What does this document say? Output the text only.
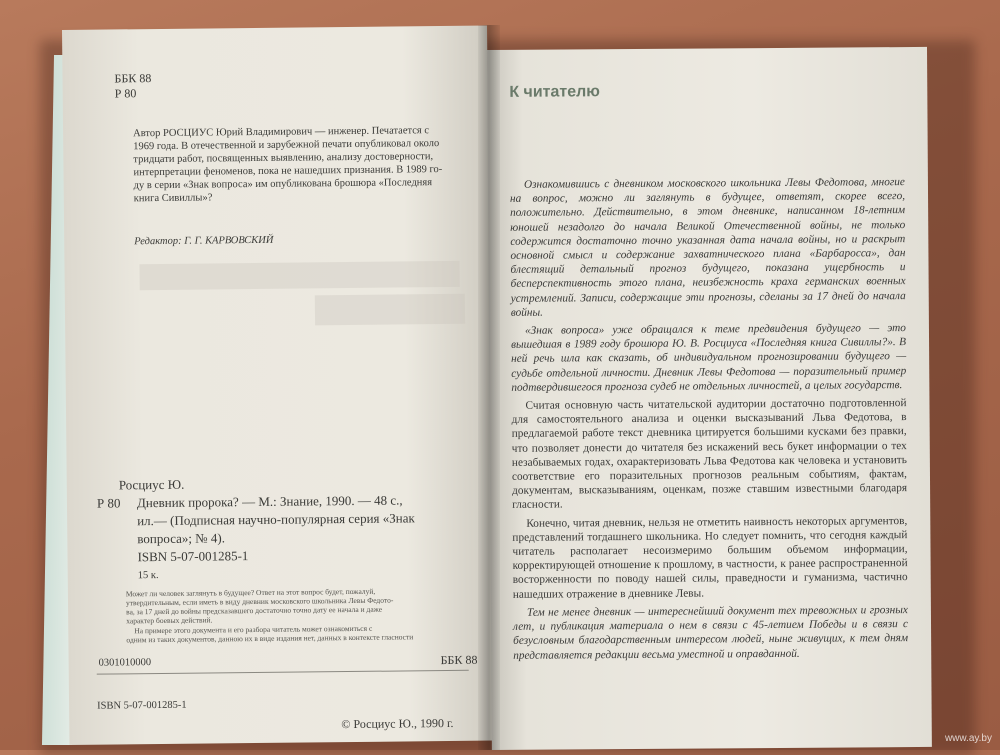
ББК 88
Р 80
Автор РОСЦИУС Юрий Владимирович — инженер. Печатается с
1969 года. В отечественной и зарубежной печати опубликовал около
тридцати работ, посвященных выявлению, анализу достоверности,
интерпретации феноменов, пока не нашедших признания. В 1989 го-
ду в серии «Знак вопроса» им опубликована брошюра «Последняя
книга Сивиллы»?
Редактор: Г. Г. КАРВОВСКИЙ
Росциус Ю.
Р 80 Дневник пророка? — М.: Знание, 1990. — 48 с.,
ил.— (Подписная научно-популярная серия «Знак
вопроса»; № 4).
ISBN 5-07-001285-1
15 к.
Может ли человек заглянуть в будущее? Ответ на этот вопрос будет, пожалуй,
утвердительным, если иметь в виду дневник московского школьника Левы Федото-
ва, за 17 дней до войны предсказавшего достаточно точно дату ее начала и даже
характер боевых действий.
На примере этого документа и его разбора читатель может ознакомиться с
одним из таких документов, данною их в виде издания нет, данных в контексте гласности
0301010000	ББК 88
ISBN 5-07-001285-1
© Росциус Ю., 1990 г.
К читателю

Ознакомившись с дневником московского школьника Левы Федотова, многие на вопрос, можно ли заглянуть в будущее, ответят, скорее всего, положительно. Действительно, в этом дневнике, написанном 18-летним юношей незадолго до начала Великой Отечественной войны, не только содержится достаточно точно указанная дата начала войны, но и раскрыт основной смысл и содержание захватнического плана «Барбаросса», дан блестящий детальный прогноз будущего, показана ущербность и бесперспективность этого плана, неизбежность краха германских военных устремлений. Записи, содержащие эти прогнозы, сделаны за 17 дней до начала войны.

«Знак вопроса» уже обращался к теме предвидения будущего — это вышедшая в 1989 году брошюра Ю. В. Росциуса «Последняя книга Сивиллы?». В ней речь шла как сказать, об индивидуальном прогнозировании будущего — судьбе отдельной личности. Дневник Левы Федотова — поразительный пример подтвердившегося прогноза судеб не отдельных личностей, а целых государств.

Считая основную часть читательской аудитории достаточно подготовленной для самостоятельного анализа и оценки высказываний Льва Федотова, в предлагаемой работе текст дневника цитируется большими кусками без правки, что позволяет донести до читателя без искажений весь букет информации о тех незабываемых годах, охарактеризовать Льва Федотова как человека и установить соответствие его поразительных прогнозов реальным событиям, фактам, документам, высказываниям, оценкам, позже ставшим известными благодаря гласности.

Конечно, читая дневник, нельзя не отметить наивность некоторых аргументов, представлений тогдашнего школьника. Но следует помнить, что сегодня каждый читатель располагает несоизмеримо большим объемом информации, корректирующей отношение к прошлому, в частности, к ранее распространенной восторженности по поводу нашей силы, праведности и гуманизма, частично нашедших отражение в дневнике Левы.

Тем не менее дневник — интереснейший документ тех тревожных и грозных лет, и публикация материала о нем в связи с 45-летием Победы и в связи с безусловным благодарственным интересом людей, ныне живущих, к тем дням представляется редакции весьма уместной и оправданной.

www.ay.by
